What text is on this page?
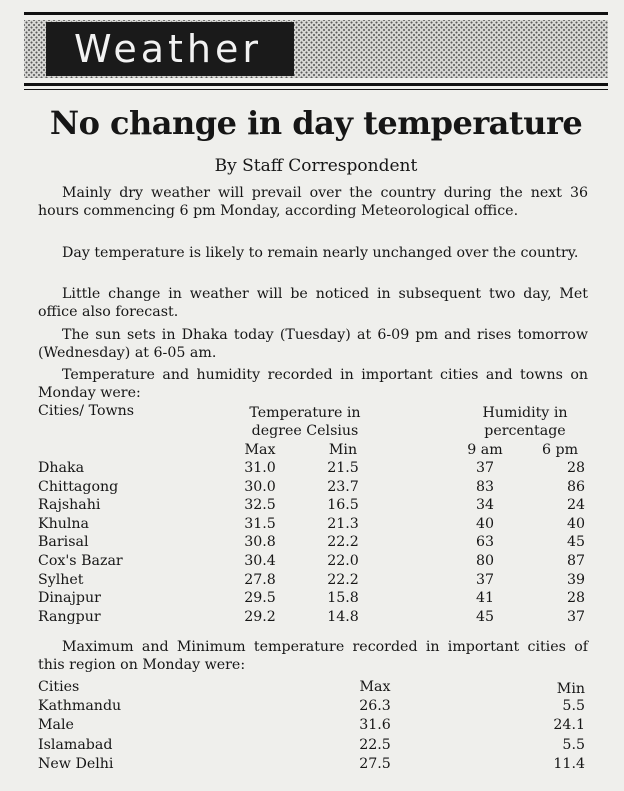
Weather
No change in day temperature
By Staff Correspondent
Mainly dry weather will prevail over the country during the next 36 hours commencing 6 pm Monday, according Meteorological office.
Day temperature is likely to remain nearly unchanged over the country.
Little change in weather will be noticed in subsequent two day, Met office also forecast.
The sun sets in Dhaka today (Tuesday) at 6-09 pm and rises tomorrow (Wednesday) at 6-05 am.
Temperature and humidity recorded in important cities and towns on Monday were:
Cities/ Towns	Temperature in
degree Celsius
Humidity in
percentage
Max	Min	9 am	6 pm
Dhaka	31.0	21.5	37	28
Chittagong	30.0	23.7	83	86
Rajshahi	32.5	16.5	34	24
Khulna	31.5	21.3	40	40
Barisal	30.8	22.2	63	45
Cox's Bazar	30.4	22.0	80	87
Sylhet	27.8	22.2	37	39
Dinajpur	29.5	15.8	41	28
Rangpur	29.2	14.8	45	37
Maximum and Minimum temperature recorded in important cities of this region on Monday were:
Cities	Max	Min
Kathmandu	26.3	5.5
Male	31.6	24.1
Islamabad	22.5	5.5
New Delhi	27.5	11.4
